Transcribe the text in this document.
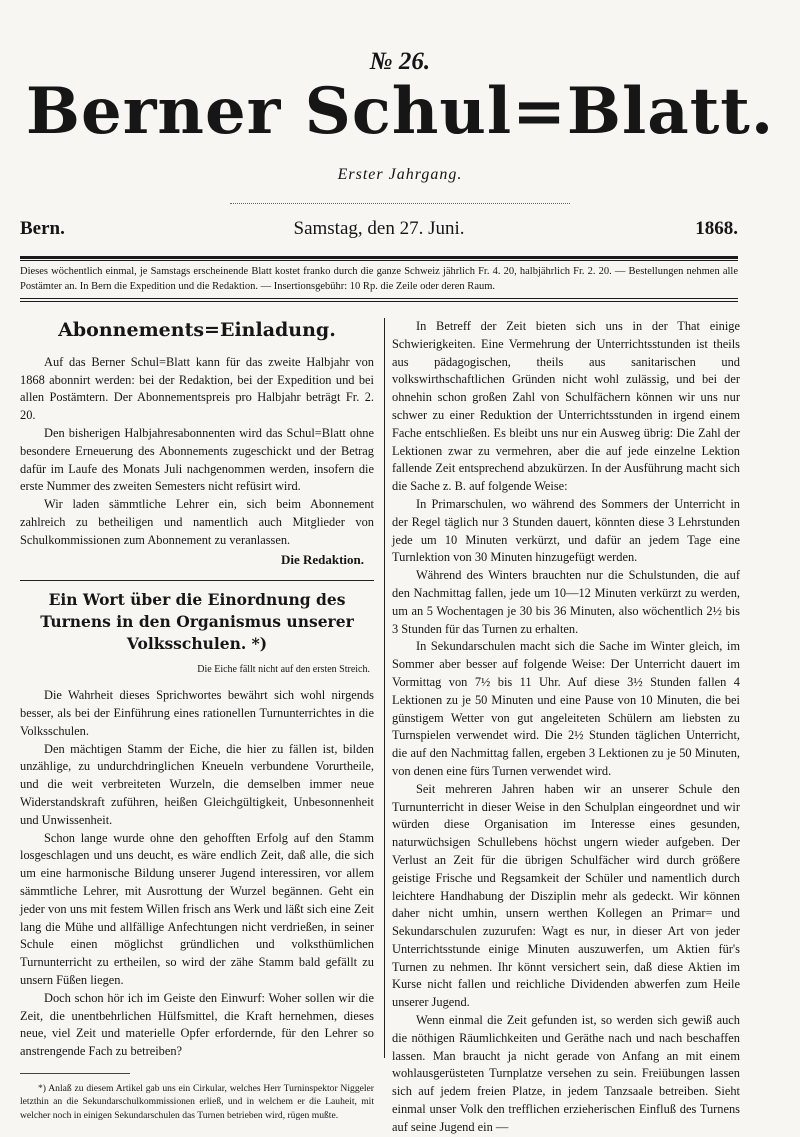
№ 26.
Berner Schul=Blatt.
Erster Jahrgang.
Bern.	Samstag, den 27. Juni.	1868.
Dieses wöchentlich einmal, je Samstags erscheinende Blatt kostet franko durch die ganze Schweiz jährlich Fr. 4. 20, halbjährlich Fr. 2. 20. — Bestellungen nehmen alle Postämter an. In Bern die Expedition und die Redaktion. — Insertionsgebühr: 10 Rp. die Zeile oder deren Raum.
Abonnements=Einladung.

Auf das Berner Schul=Blatt kann für das zweite Halbjahr von 1868 abonnirt werden: bei der Redaktion, bei der Expedition und bei allen Postämtern. Der Abonnementspreis pro Halbjahr beträgt Fr. 2. 20.

Den bisherigen Halbjahresabonnenten wird das Schul=Blatt ohne besondere Erneuerung des Abonnements zugeschickt und der Betrag dafür im Laufe des Monats Juli nachgenommen werden, insofern die erste Nummer des zweiten Semesters nicht refüsirt wird.

Wir laden sämmtliche Lehrer ein, sich beim Abonnement zahlreich zu betheiligen und namentlich auch Mitglieder von Schulkommissionen zum Abonnement zu veranlassen.

Die Redaktion.
Ein Wort über die Einordnung des Turnens in den Organismus unserer Volksschulen. *)
Die Eiche fällt nicht auf den ersten Streich.

Die Wahrheit dieses Sprichwortes bewährt sich wohl nirgends besser, als bei der Einführung eines rationellen Turnunterrichtes in die Volksschulen.

Den mächtigen Stamm der Eiche, die hier zu fällen ist, bilden unzählige, zu undurchdringlichen Kneueln verbundene Vorurtheile, und die weit verbreiteten Wurzeln, die demselben immer neue Widerstandskraft zuführen, heißen Gleichgültigkeit, Unbesonnenheit und Unwissenheit.

Schon lange wurde ohne den gehofften Erfolg auf den Stamm losgeschlagen und uns deucht, es wäre endlich Zeit, daß alle, die sich um eine harmonische Bildung unserer Jugend interessiren, vor allem sämmtliche Lehrer, mit Ausrottung der Wurzel begännen. Geht ein jeder von uns mit festem Willen frisch ans Werk und läßt sich eine Zeit lang die Mühe und allfällige Anfechtungen nicht verdrießen, in seiner Schule einen möglichst gründlichen und volksthümlichen Turnunterricht zu ertheilen, so wird der zähe Stamm bald gefällt zu unsern Füßen liegen.

Doch schon hör ich im Geiste den Einwurf: Woher sollen wir die Zeit, die unentbehrlichen Hülfsmittel, die Kraft hernehmen, dieses neue, viel Zeit und materielle Opfer erfordernde, für den Lehrer so anstrengende Fach zu betreiben?

*) Anlaß zu diesem Artikel gab uns ein Cirkular, welches Herr Turninspektor Niggeler letzthin an die Sekundarschulkommissionen erließ, und in welchem er die Lauheit, mit welcher noch in einigen Sekundarschulen das Turnen betrieben wird, rügen mußte.

In Betreff der Zeit bieten sich uns in der That einige Schwierigkeiten. Eine Vermehrung der Unterrichtsstunden ist theils aus pädagogischen, theils aus sanitarischen und volkswirthschaftlichen Gründen nicht wohl zulässig, und bei der ohnehin schon großen Zahl von Schulfächern können wir uns nur schwer zu einer Reduktion der Unterrichtsstunden in irgend einem Fache entschließen. Es bleibt uns nur ein Ausweg übrig: Die Zahl der Lektionen zwar zu vermehren, aber die auf jede einzelne Lektion fallende Zeit entsprechend abzukürzen. In der Ausführung macht sich die Sache z. B. auf folgende Weise:

In Primarschulen, wo während des Sommers der Unterricht in der Regel täglich nur 3 Stunden dauert, könnten diese 3 Lehrstunden jede um 10 Minuten verkürzt, und dafür an jedem Tage eine Turnlektion von 30 Minuten hinzugefügt werden.

Während des Winters brauchten nur die Schulstunden, die auf den Nachmittag fallen, jede um 10—12 Minuten verkürzt zu werden, um an 5 Wochentagen je 30 bis 36 Minuten, also wöchentlich 2½ bis 3 Stunden für das Turnen zu erhalten.

In Sekundarschulen macht sich die Sache im Winter gleich, im Sommer aber besser auf folgende Weise: Der Unterricht dauert im Vormittag von 7½ bis 11 Uhr. Auf diese 3½ Stunden fallen 4 Lektionen zu je 50 Minuten und eine Pause von 10 Minuten, die bei günstigem Wetter von gut angeleiteten Schülern am liebsten zu Turnspielen verwendet wird. Die 2½ Stunden täglichen Unterricht, die auf den Nachmittag fallen, ergeben 3 Lektionen zu je 50 Minuten, von denen eine fürs Turnen verwendet wird.

Seit mehreren Jahren haben wir an unserer Schule den Turnunterricht in dieser Weise in den Schulplan eingeordnet und wir würden diese Organisation im Interesse eines gesunden, naturwüchsigen Schullebens höchst ungern wieder aufgeben. Der Verlust an Zeit für die übrigen Schulfächer wird durch größere geistige Frische und Regsamkeit der Schüler und namentlich durch leichtere Handhabung der Disziplin mehr als gedeckt. Wir können daher nicht umhin, unsern werthen Kollegen an Primar= und Sekundarschulen zuzurufen: Wagt es nur, in dieser Art von jeder Unterrichtsstunde einige Minuten auszuwerfen, um Aktien für's Turnen zu nehmen. Ihr könnt versichert sein, daß diese Aktien im Kurse nicht fallen und reichliche Dividenden abwerfen zum Heile unserer Jugend.

Wenn einmal die Zeit gefunden ist, so werden sich gewiß auch die nöthigen Räumlichkeiten und Geräthe nach und nach beschaffen lassen. Man braucht ja nicht gerade von Anfang an mit einem wohlausgerüsteten Turnplatze versehen zu sein. Freiübungen lassen sich auf jedem freien Platze, in jedem Tanzsaale betreiben. Sieht einmal unser Volk den trefflichen erzieherischen Einfluß des Turnens auf seine Jugend ein —
